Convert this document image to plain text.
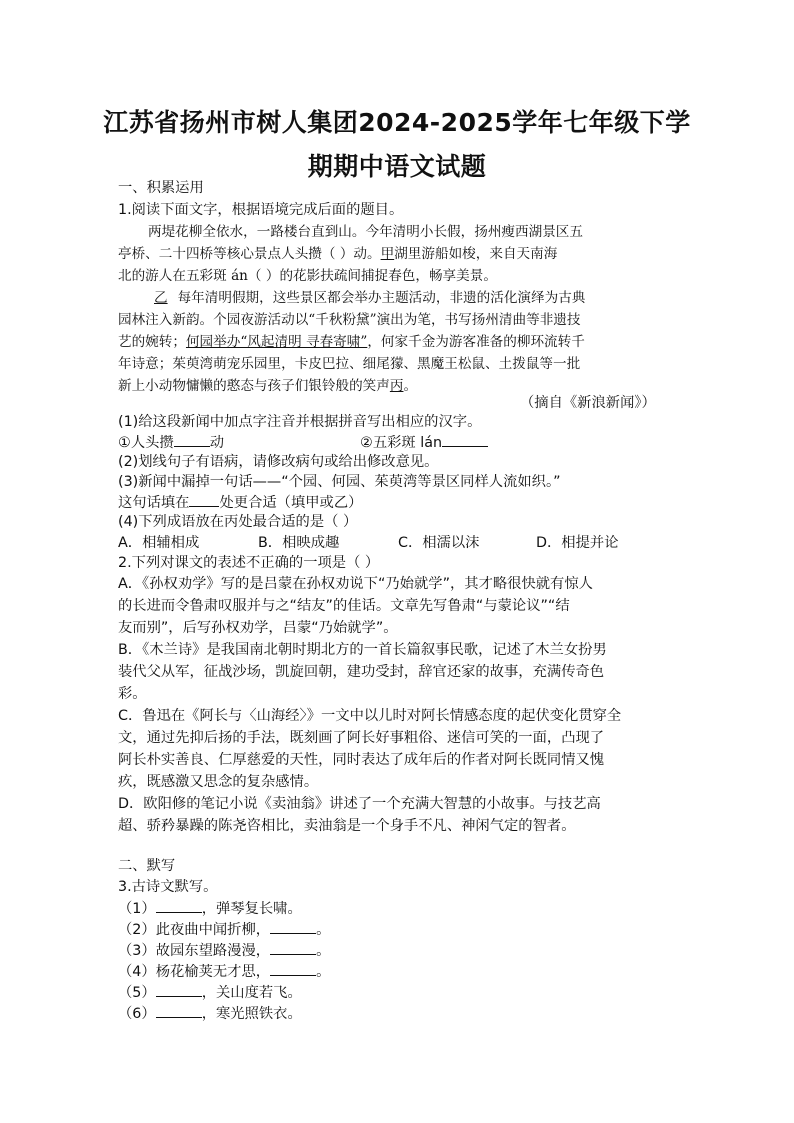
江苏省扬州市树人集团2024-2025学年七年级下学
期期中语文试题
一、积累运用
1.阅读下面文字，根据语境完成后面的题目。
两堤花柳全依水，一路楼台直到山。今年清明小长假，扬州瘦西湖景区五
亭桥、二十四桥等核心景点人头攒（ ）动。甲湖里游船如梭，来自天南海
北的游人在五彩斑 án（ ）的花影扶疏间捕捉春色，畅享美景。
乙 每年清明假期，这些景区都会举办主题活动，非遗的活化演绎为古典
园林注入新韵。个园夜游活动以“千秋粉黛”演出为笔，书写扬州清曲等非遗技
艺的婉转；何园举办“风起清明 寻春寄啸”，何家千金为游客准备的柳环流转千
年诗意；茱萸湾萌宠乐园里，卡皮巴拉、细尾獴、黑魔王松鼠、土拨鼠等一批
新上小动物慵懒的憨态与孩子们银铃般的笑声丙。
（摘自《新浪新闻》）
(1)给这段新闻中加点字注音并根据拼音写出相应的汉字。
①人头攒	动	②五彩斑 lán
(2)划线句子有语病，请修改病句或给出修改意见。
(3)新闻中漏掉一句话——“个园、何园、茱萸湾等景区同样人流如织。”
这句话填在 处更合适（填甲或乙）
(4)下列成语放在丙处最合适的是（ ）
A．相辅相成	B．相映成趣	C．相濡以沫	D．相提并论
2.下列对课文的表述不正确的一项是（ ）
A．《孙权劝学》写的是吕蒙在孙权劝说下“乃始就学”，其才略很快就有惊人
的长进而令鲁肃叹服并与之“结友”的佳话。文章先写鲁肃“与蒙论议”“结
友而别”，后写孙权劝学，吕蒙“乃始就学”。
B．《木兰诗》是我国南北朝时期北方的一首长篇叙事民歌，记述了木兰女扮男
装代父从军，征战沙场，凯旋回朝，建功受封，辞官还家的故事，充满传奇色
彩。
C．鲁迅在《阿长与〈山海经〉》一文中以儿时对阿长情感态度的起伏变化贯穿全
文，通过先抑后扬的手法，既刻画了阿长好事粗俗、迷信可笑的一面，凸现了
阿长朴实善良、仁厚慈爱的天性，同时表达了成年后的作者对阿长既同情又愧
疚，既感激又思念的复杂感情。
D．欧阳修的笔记小说《卖油翁》讲述了一个充满大智慧的小故事。与技艺高
超、骄矜暴躁的陈尧咨相比，卖油翁是一个身手不凡、神闲气定的智者。
二、默写
3.古诗文默写。
（1）	，弹琴复长啸。
（2）此夜曲中闻折柳，	。
（3）故园东望路漫漫，	。
（4）杨花榆荚无才思，	。
（5）	，关山度若飞。
（6）	，寒光照铁衣。
